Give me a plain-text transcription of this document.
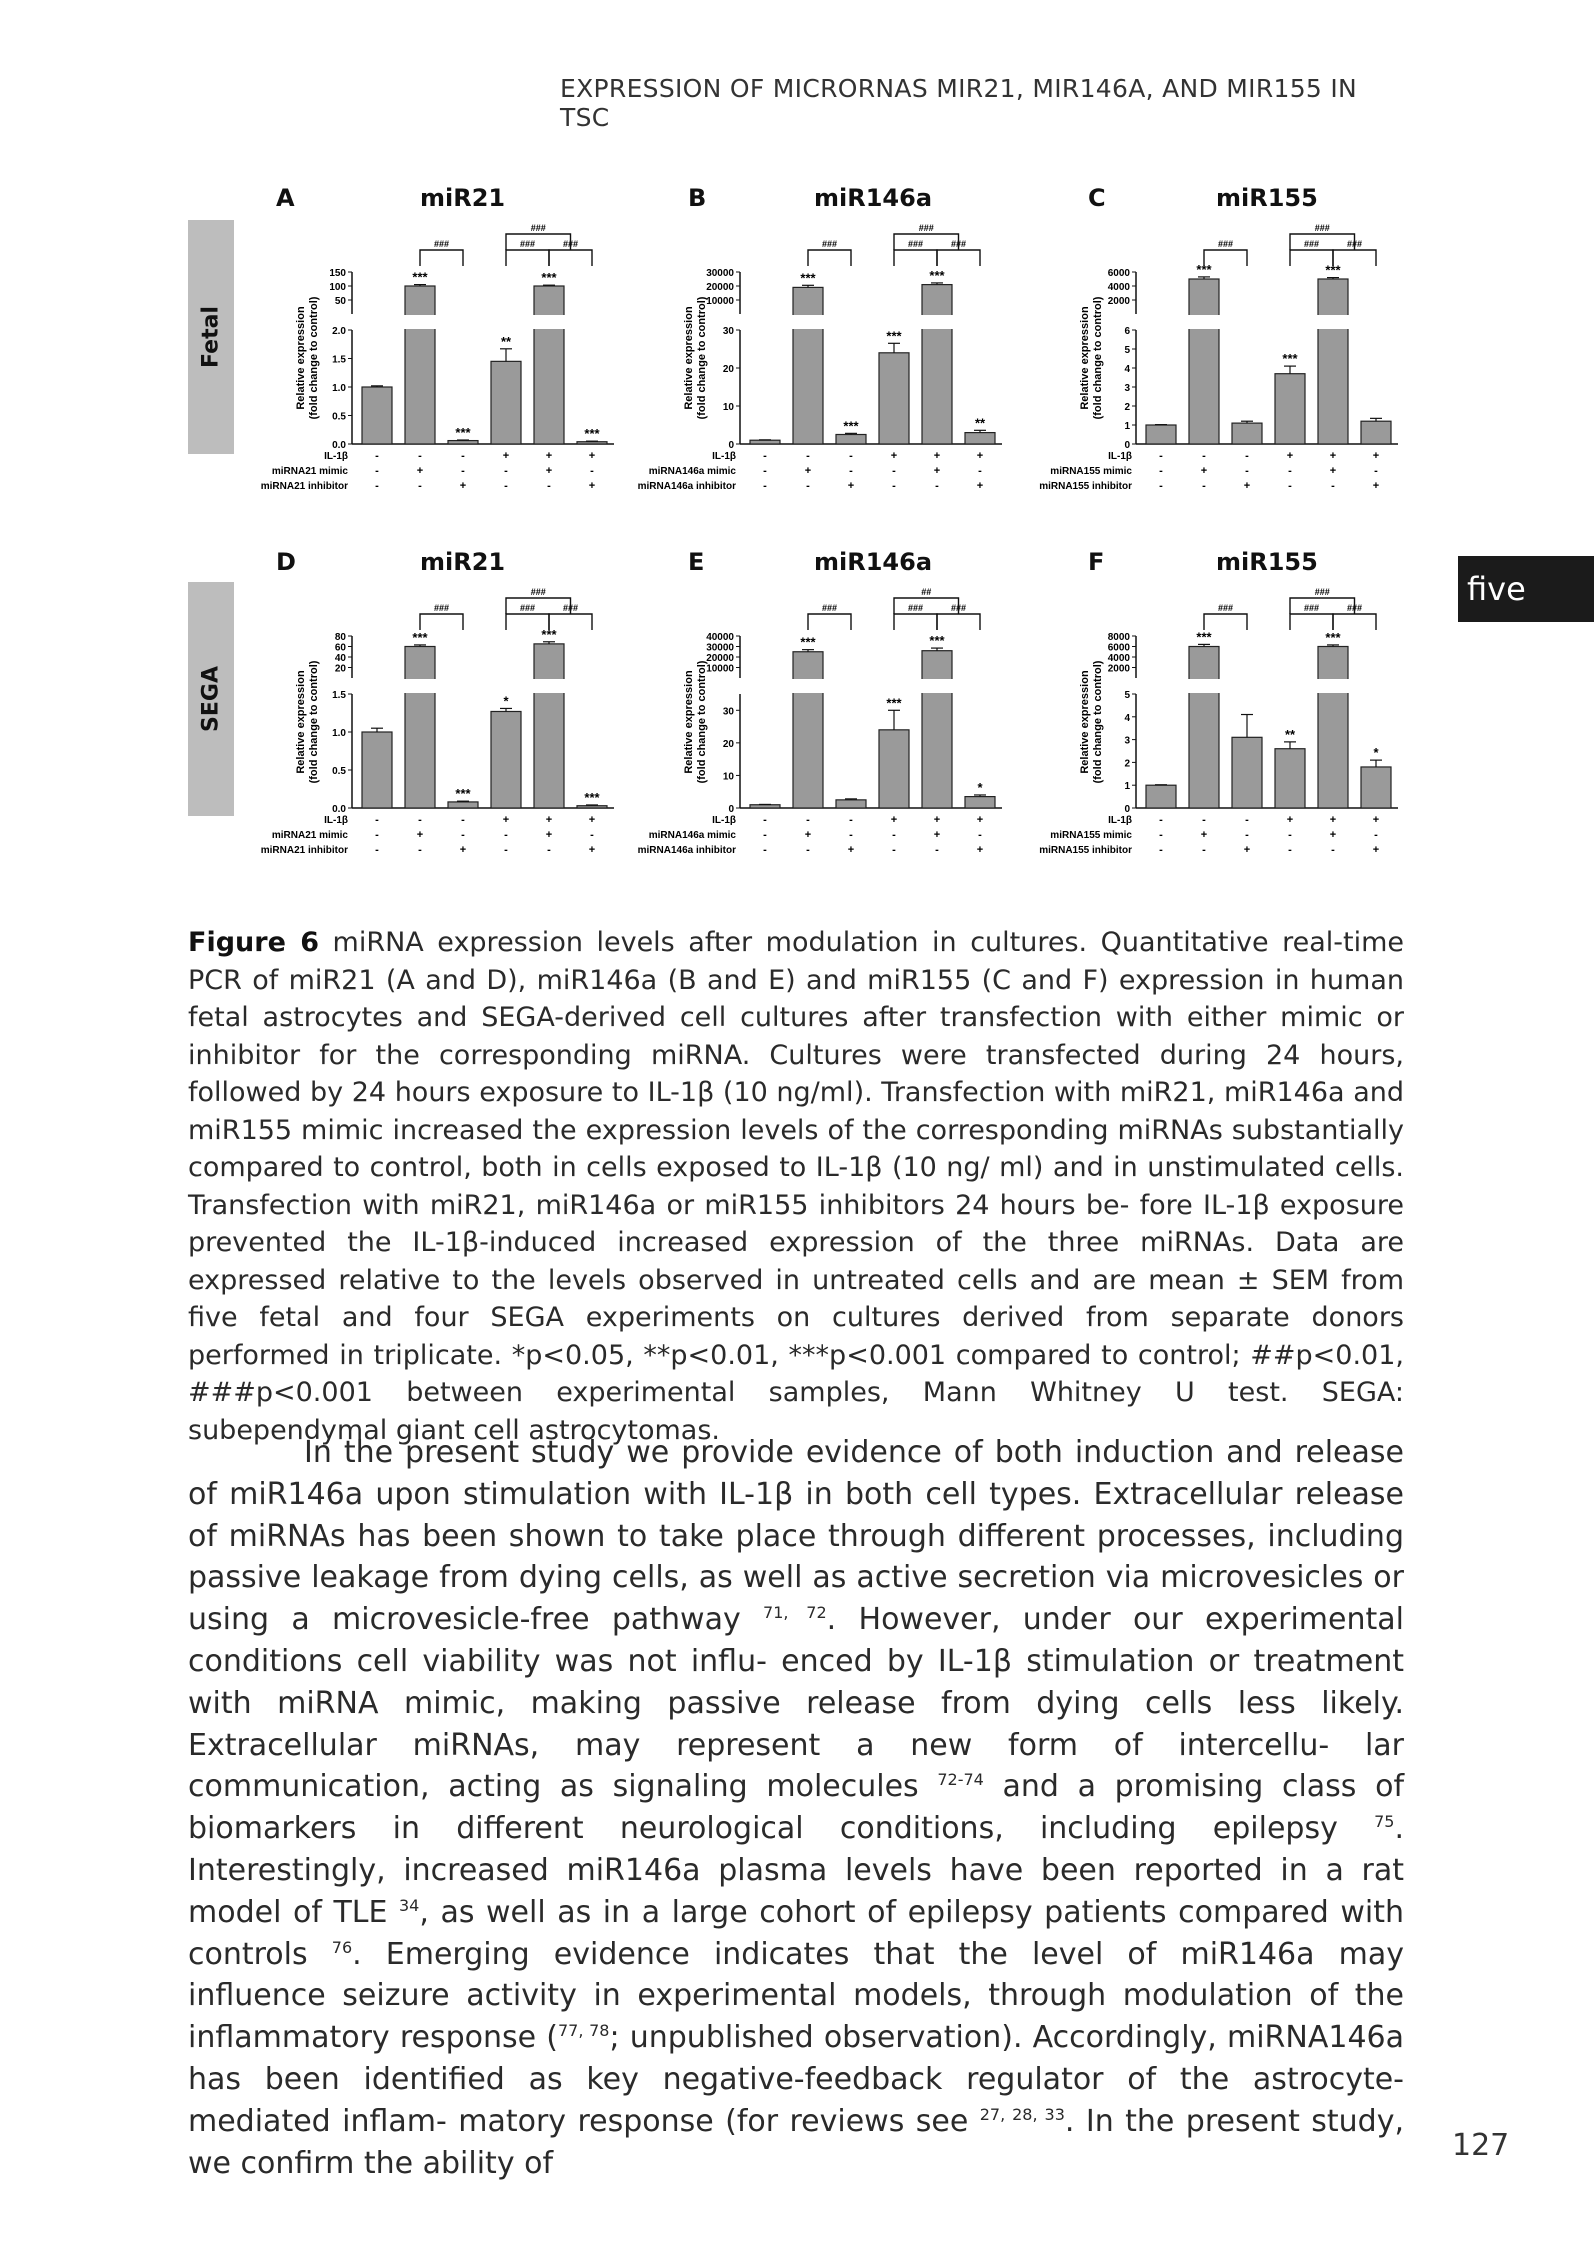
EXPRESSION OF MICRORNAS MIR21, MIR146A, AND MIR155 IN TSC
five
Fetal
SEGA
A	miR21	B	miR146a	C	miR155
D	miR21	E	miR146a	F	miR155
Relative expression(fold change to control) 50
100
150
0.0
0.5
1.0
1.5
2.0
***
***
**
***
***
###	###	###
###
IL-1β -	-	-	+	+	+
miRNA21 mimic -	+	-	-	+	-
miRNA21 inhibitor -	-	+	-	-	+
Relative expression(fold change to control)
10000
20000
30000
0
10
20
30
***
***
***
***
**
###	###	###
###
IL-1β -	-	-	+	+	+
miRNA146a mimic -	+	-	-	+	-
miRNA146a inhibitor -	-	+	-	-	+
Relative expression(fold change to control) 2000
4000
6000
0
1
2
3
4
5
6
***
***
***
###	###	###
###
IL-1β -	-	-	+	+	+
miRNA155 mimic -	+	-	-	+	-
miRNA155 inhibitor -	-	+	-	-	+
Relative expression(fold change to control) 20
40
60
80
0.0
0.5
1.0
1.5
***
***
*
***
***
###	###	###
###
IL-1β -	-	-	+	+	+
miRNA21 mimic -	+	-	-	+	-
miRNA21 inhibitor -	-	+	-	-	+
Relative expression(fold change to control)
10000
20000
30000
40000
0
10
20
30
***
***
***
*
###	###	###
##
IL-1β -	-	-	+	+	+
miRNA146a mimic -	+	-	-	+	-
miRNA146a inhibitor -	-	+	-	-	+
Relative expression(fold change to control) 2000
4000
6000
8000
0
1
2
3
4
5
***
**
***
*
###	###	###
###
IL-1β -	-	-	+	+	+
miRNA155 mimic -	+	-	-	+	-
miRNA155 inhibitor -	-	+	-	-	+
Figure 6 miRNA expression levels after modulation in cultures. Quantitative real-time PCR of miR21 (A and D), miR146a (B and E) and miR155 (C and F) expression in human fetal astrocytes and SEGA-derived cell cultures after transfection with either mimic or inhibitor for the corresponding miRNA. Cultures were transfected during 24 hours, followed by 24 hours exposure to IL-1β (10 ng/ml). Transfection with miR21, miR146a and miR155 mimic increased the expression levels of the corresponding miRNAs substantially compared to control, both in cells exposed to IL-1β (10 ng/ ml) and in unstimulated cells. Transfection with miR21, miR146a or miR155 inhibitors 24 hours be- fore IL-1β exposure prevented the IL-1β-induced increased expression of the three miRNAs. Data are expressed relative to the levels observed in untreated cells and are mean ± SEM from five fetal and four SEGA experiments on cultures derived from separate donors performed in triplicate. *p<0.05, **p<0.01, ***p<0.001 compared to control; ##p<0.01, ###p<0.001 between experimental samples, Mann Whitney U test. SEGA: subependymal giant cell astrocytomas.
In the present study we provide evidence of both induction and release of miR146a upon stimulation with IL-1β in both cell types. Extracellular release of miRNAs has been shown to take place through different processes, including passive leakage from dying cells, as well as active secretion via microvesicles or using a microvesicle-free pathway $^{71, 72}$. However, under our experimental conditions cell viability was not influ- enced by IL-1β stimulation or treatment with miRNA mimic, making passive release from dying cells less likely. Extracellular miRNAs, may represent a new form of intercellu- lar communication, acting as signaling molecules $^{72-74}$ and a promising class of biomarkers in different neurological conditions, including epilepsy $^{75}$. Interestingly, increased miR146a plasma levels have been reported in a rat model of TLE $^{34}$, as well as in a large cohort of epilepsy patients compared with controls $^{76}$. Emerging evidence indicates that the level of miR146a may influence seizure activity in experimental models, through modulation of the inflammatory response ($^{77, 78}$; unpublished observation). Accordingly, miRNA146a has been identified as key negative-feedback regulator of the astrocyte-mediated inflam- matory response (for reviews see $^{27, 28, 33}$. In the present study, we confirm the ability of
127
